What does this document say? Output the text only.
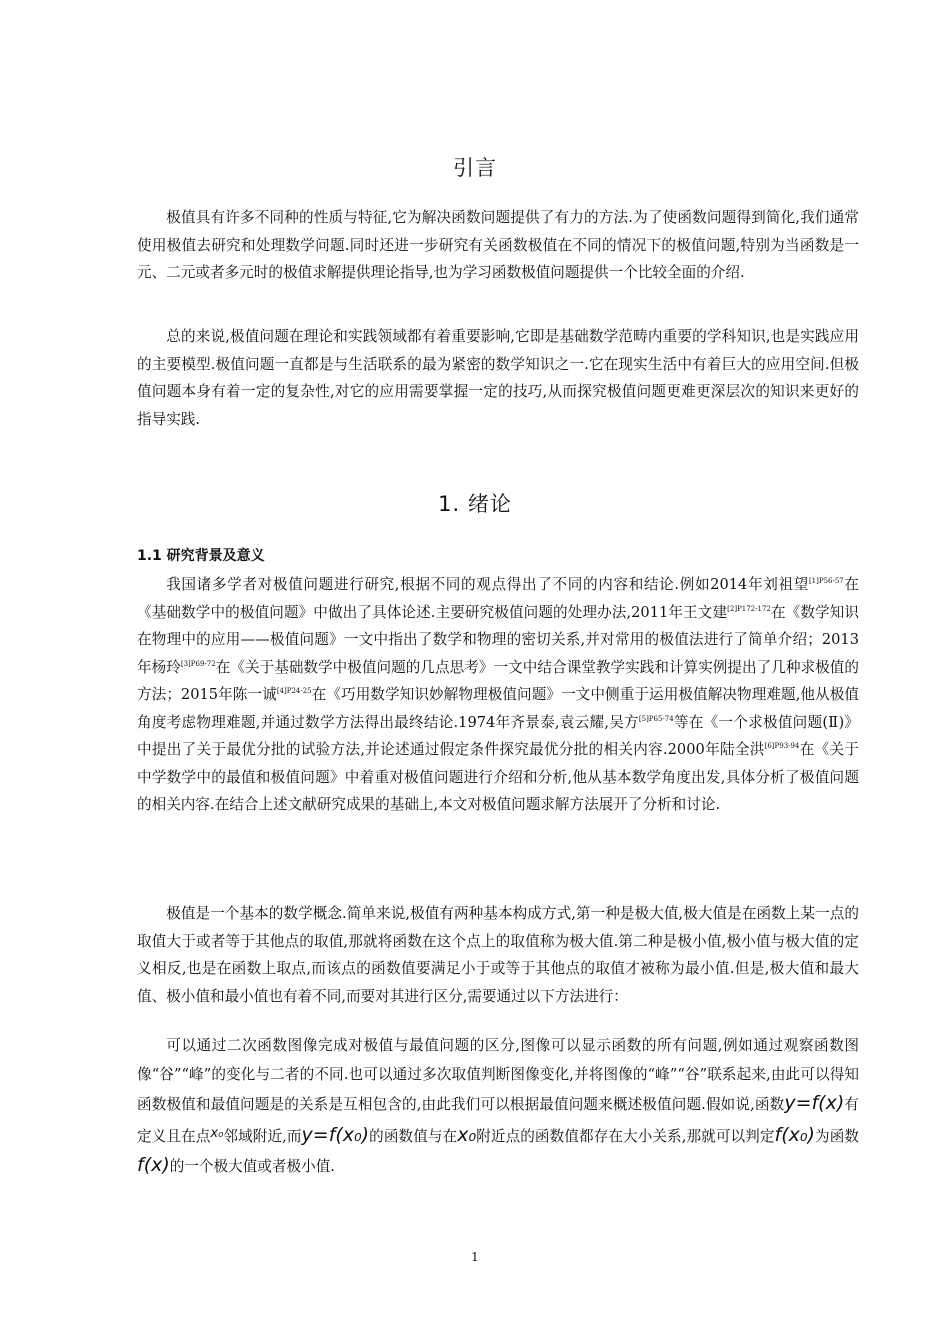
引言

极值具有许多不同种的性质与特征,它为解决函数问题提供了有力的方法.为了使函数问题得到简化,我们通常使用极值去研究和处理数学问题.同时还进一步研究有关函数极值在不同的情况下的极值问题,特别为当函数是一元、二元或者多元时的极值求解提供理论指导,也为学习函数极值问题提供一个比较全面的介绍.

总的来说,极值问题在理论和实践领域都有着重要影响,它即是基础数学范畴内重要的学科知识,也是实践应用的主要模型.极值问题一直都是与生活联系的最为紧密的数学知识之一.它在现实生活中有着巨大的应用空间.但极值问题本身有着一定的复杂性,对它的应用需要掌握一定的技巧,从而探究极值问题更难更深层次的知识来更好的指导实践.

1. 绪论
1.1 研究背景及意义

我国诸多学者对极值问题进行研究,根据不同的观点得出了不同的内容和结论.例如2014年刘祖望$^{[1]P56-57}$在《基础数学中的极值问题》中做出了具体论述.主要研究极值问题的处理办法,2011年王文建$^{[2]P172-172}$在《数学知识在物理中的应用——极值问题》一文中指出了数学和物理的密切关系,并对常用的极值法进行了简单介绍；2013年杨玲$^{[3]P69-72}$在《关于基础数学中极值问题的几点思考》一文中结合课堂教学实践和计算实例提出了几种求极值的方法；2015年陈一诚$^{[4]P24-25}$在《巧用数学知识妙解物理极值问题》一文中侧重于运用极值解决物理难题,他从极值角度考虑物理难题,并通过数学方法得出最终结论.1974年齐景泰,袁云耀,吴方$^{[5]P65-74}$等在《一个求极值问题(Ⅱ)》中提出了关于最优分批的试验方法,并论述通过假定条件探究最优分批的相关内容.2000年陆全洪$^{[6]P93-94}$在《关于中学数学中的最值和极值问题》中着重对极值问题进行介绍和分析,他从基本数学角度出发,具体分析了极值问题的相关内容.在结合上述文献研究成果的基础上,本文对极值问题求解方法展开了分析和讨论.

极值是一个基本的数学概念.简单来说,极值有两种基本构成方式,第一种是极大值,极大值是在函数上某一点的取值大于或者等于其他点的取值,那就将函数在这个点上的取值称为极大值.第二种是极小值,极小值与极大值的定义相反,也是在函数上取点,而该点的函数值要满足小于或等于其他点的取值才被称为最小值.但是,极大值和最大值、极小值和最小值也有着不同,而要对其进行区分,需要通过以下方法进行：

可以通过二次函数图像完成对极值与最值问题的区分,图像可以显示函数的所有问题,例如通过观察函数图像“谷”“峰”的变化与二者的不同.也可以通过多次取值判断图像变化,并将图像的“峰”“谷”联系起来,由此可以得知函数极值和最值问题是的关系是互相包含的,由此我们可以根据最值问题来概述极值问题.假如说,函数y=f(x)有定义且在点x₀邻域附近,而y=f(x₀)的函数值与在x₀附近点的函数值都存在大小关系,那就可以判定f(x₀)为函数f(x)的一个极大值或者极小值.

1
